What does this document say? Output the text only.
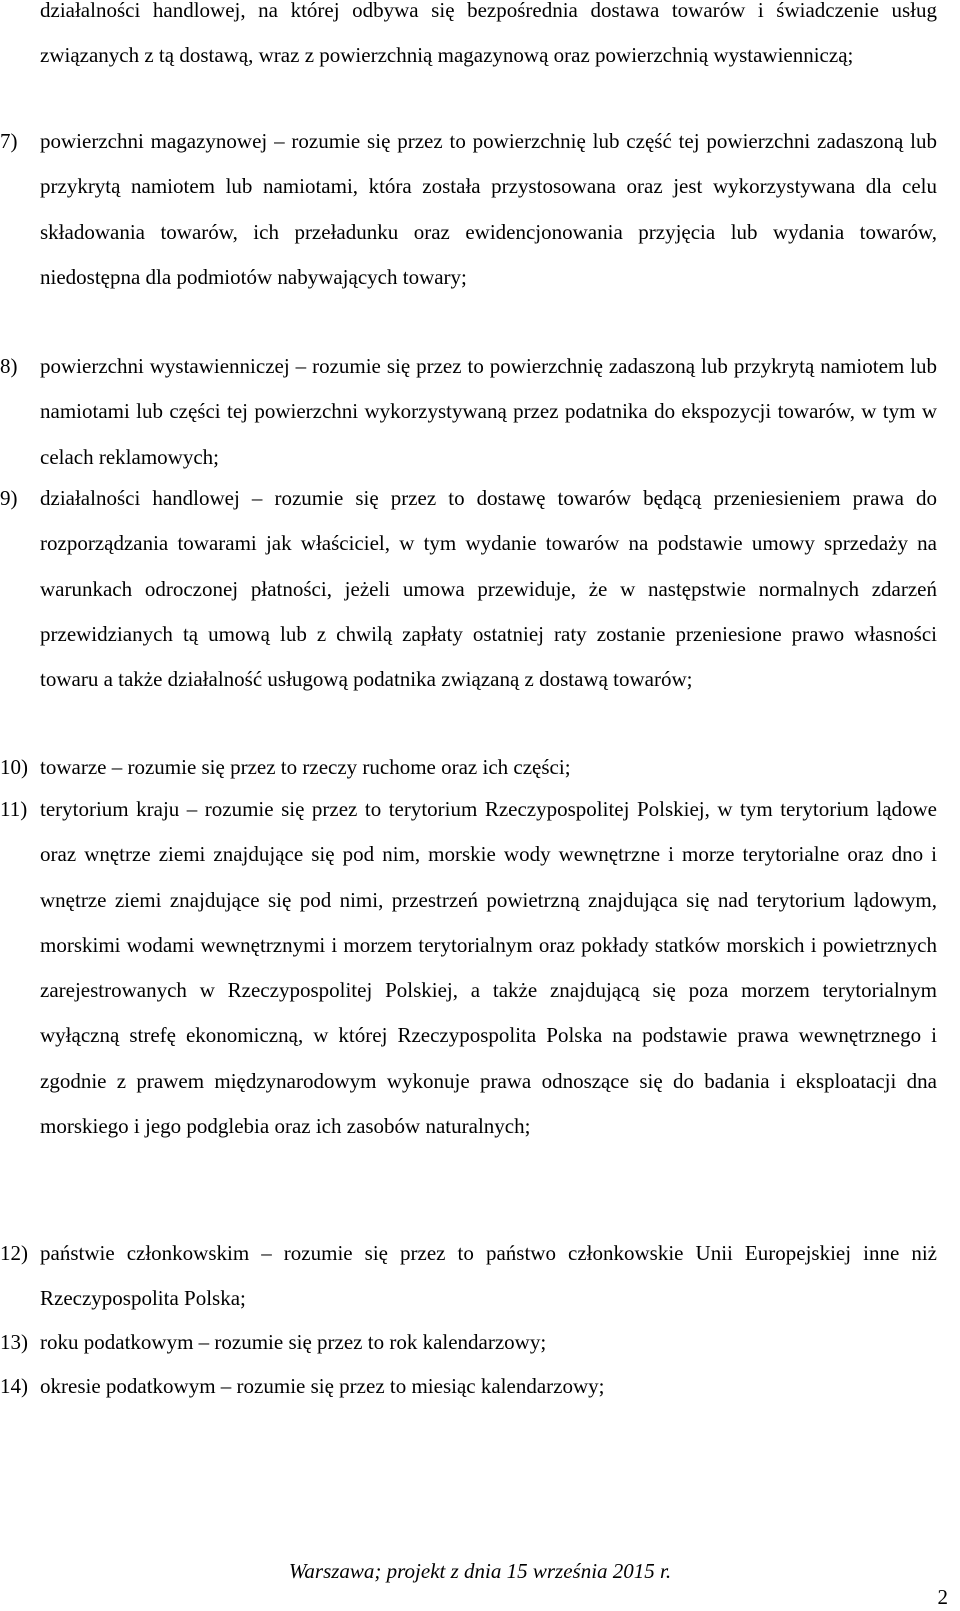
działalności handlowej, na której odbywa się bezpośrednia dostawa towarów i świadczenie usług związanych z tą dostawą, wraz z powierzchnią magazynową oraz powierzchnią wystawienniczą;

7)	powierzchni magazynowej – rozumie się przez to powierzchnię lub część tej powierzchni zadaszoną lub przykrytą namiotem lub namiotami, która została przystosowana oraz jest wykorzystywana dla celu składowania towarów, ich przeładunku oraz ewidencjonowania przyjęcia lub wydania towarów, niedostępna dla podmiotów nabywających towary;
8)	powierzchni wystawienniczej – rozumie się przez to powierzchnię zadaszoną lub przykrytą namiotem lub namiotami lub części tej powierzchni wykorzystywaną przez podatnika do ekspozycji towarów, w tym w celach reklamowych;
9)	działalności handlowej – rozumie się przez to dostawę towarów będącą przeniesieniem prawa do rozporządzania towarami jak właściciel, w tym wydanie towarów na podstawie umowy sprzedaży na warunkach odroczonej płatności, jeżeli umowa przewiduje, że w następstwie normalnych zdarzeń przewidzianych tą umową lub z chwilą zapłaty ostatniej raty zostanie przeniesione prawo własności towaru a także działalność usługową podatnika związaną z dostawą towarów;
10) towarze – rozumie się przez to rzeczy ruchome oraz ich części;
11) terytorium kraju – rozumie się przez to terytorium Rzeczypospolitej Polskiej, w tym terytorium lądowe oraz wnętrze ziemi znajdujące się pod nim, morskie wody wewnętrzne i morze terytorialne oraz dno i wnętrze ziemi znajdujące się pod nimi, przestrzeń powietrzną znajdująca się nad terytorium lądowym, morskimi wodami wewnętrznymi i morzem terytorialnym oraz pokłady statków morskich i powietrznych zarejestrowanych w Rzeczypospolitej Polskiej, a także znajdującą się poza morzem terytorialnym wyłączną strefę ekonomiczną, w której Rzeczypospolita Polska na podstawie prawa wewnętrznego i zgodnie z prawem międzynarodowym wykonuje prawa odnoszące się do badania i eksploatacji dna morskiego i jego podglebia oraz ich zasobów naturalnych;
12) państwie członkowskim – rozumie się przez to państwo członkowskie Unii Europejskiej inne niż Rzeczypospolita Polska;
13) roku podatkowym – rozumie się przez to rok kalendarzowy;
14) okresie podatkowym – rozumie się przez to miesiąc kalendarzowy;
Warszawa; projekt z dnia 15 września 2015 r.
2
